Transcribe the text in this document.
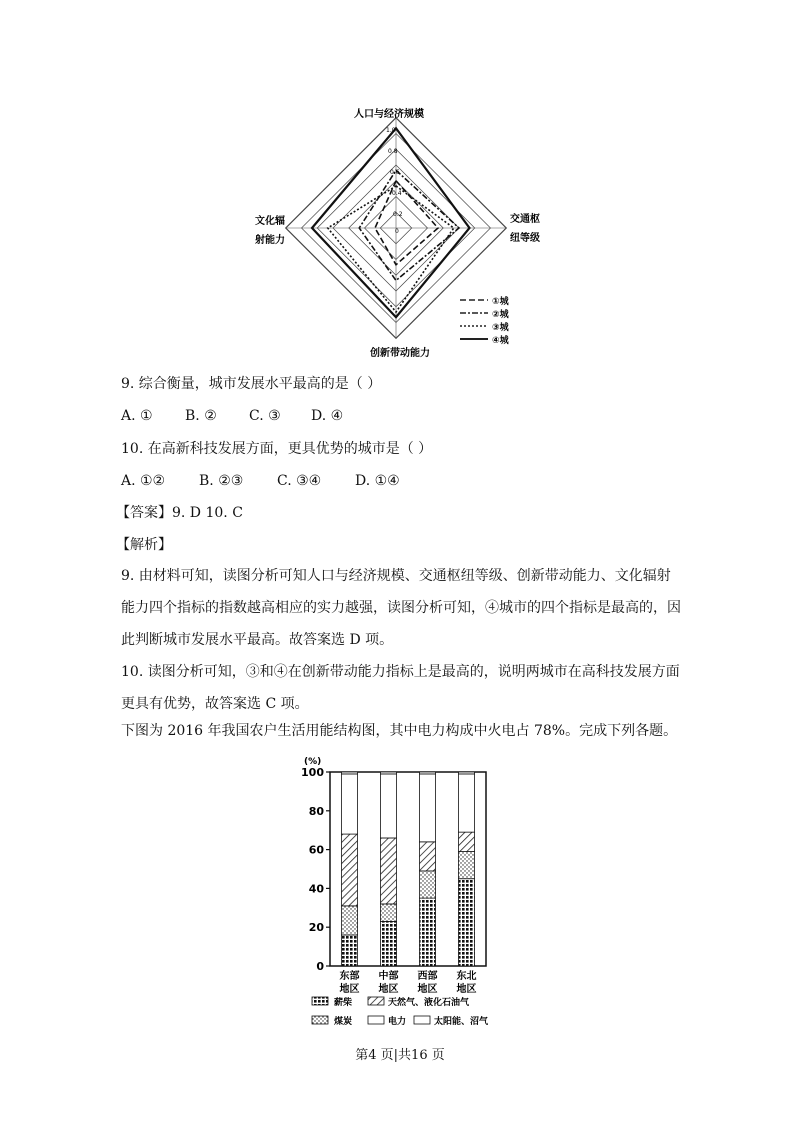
人口与经济规模
交通枢
纽等级
创新带动能力
文化辐
射能力
1.0
0.8
0.6
0.4
0.2
0
①城
②城
③城
④城
9. 综合衡量，城市发展水平最高的是（ ）
A. ① B. ② C. ③ D. ④
10. 在高新科技发展方面，更具优势的城市是（ ）
A. ①② B. ②③ C. ③④ D. ①④
【答案】9. D 10. C
【解析】
9. 由材料可知，读图分析可知人口与经济规模、交通枢纽等级、创新带动能力、文化辐射能力四个指标的指数越高相应的实力越强，读图分析可知，④城市的四个指标是最高的，因此判断城市发展水平最高。故答案选 D 项。
10. 读图分析可知，③和④在创新带动能力指标上是最高的，说明两城市在高科技发展方面更具有优势，故答案选 C 项。
下图为 2016 年我国农户生活用能结构图，其中电力构成中火电占 78%。完成下列各题。
(%)
0
20
40
60
80
100
东部
地区
中部
地区
西部
地区
东北
地区
薪柴	天然气、液化石油气
煤炭	电力	太阳能、沼气
第4 页|共16 页
